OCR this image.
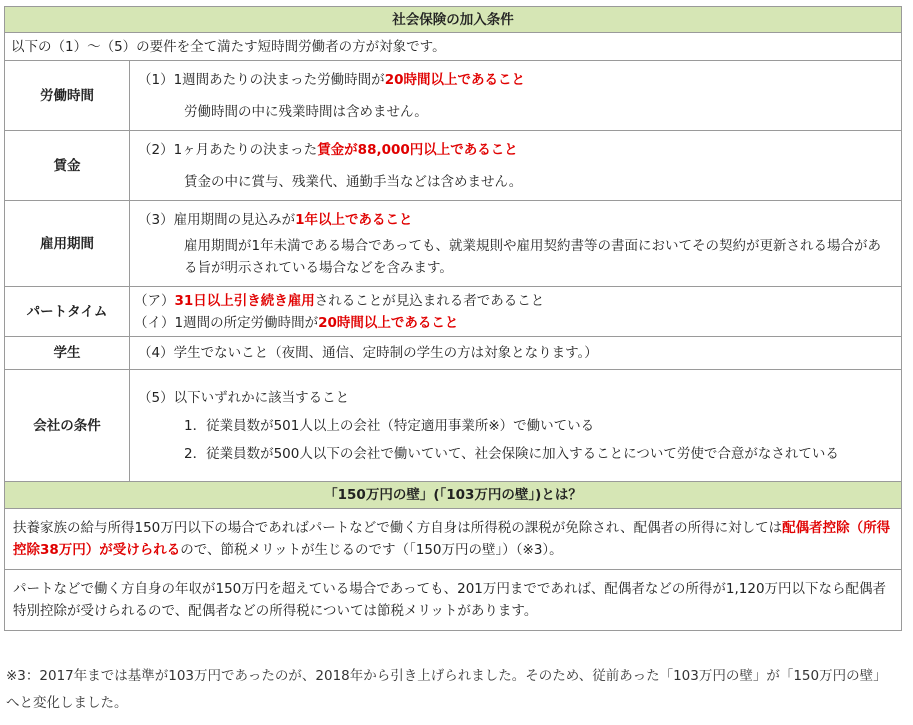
社会保険の加入条件	
以下の（1）～（5）の要件を全て満たす短時間労働者の方が対象です。	
労働時間	（1）1週間あたりの決まった労働時間が20時間以上であること
労働時間の中に残業時間は含めません。

賃金	（2）1ヶ月あたりの決まった賃金が88,000円以上であること
賃金の中に賞与、残業代、通勤手当などは含めません。

雇用期間	（3）雇用期間の見込みが1年以上であること
雇用期間が1年未満である場合であっても、就業規則や雇用契約書等の書面においてその契約が更新される場合がある旨が明示されている場合などを含みます。

パートタイム	（ア）31日以上引き続き雇用されることが見込まれる者であること
（イ）1週間の所定労働時間が20時間以上であること

学生	（4）学生でないこと（夜間、通信、定時制の学生の方は対象となります。）
会社の条件	（5）以下いずれかに該当すること
1．従業員数が501人以上の会社（特定適用事業所※）で働いている
2．従業員数が500人以下の会社で働いていて、社会保険に加入することについて労使で合意がなされている

「150万円の壁」(「103万円の壁」)とは？	
扶養家族の給与所得150万円以下の場合であればパートなどで働く方自身は所得税の課税が免除され、配偶者の所得に対しては配偶者控除（所得控除38万円）が受けられるので、節税メリットが生じるのです（「150万円の壁」）（※3）。	
パートなどで働く方自身の年収が150万円を超えている場合であっても、201万円までであれば、配偶者などの所得が1,120万円以下なら配偶者特別控除が受けられるので、配偶者などの所得税については節税メリットがあります。	
※3：2017年までは基準が103万円であったのが、2018年から引き上げられました。そのため、従前あった「103万円の壁」が「150万円の壁」へと変化しました。
